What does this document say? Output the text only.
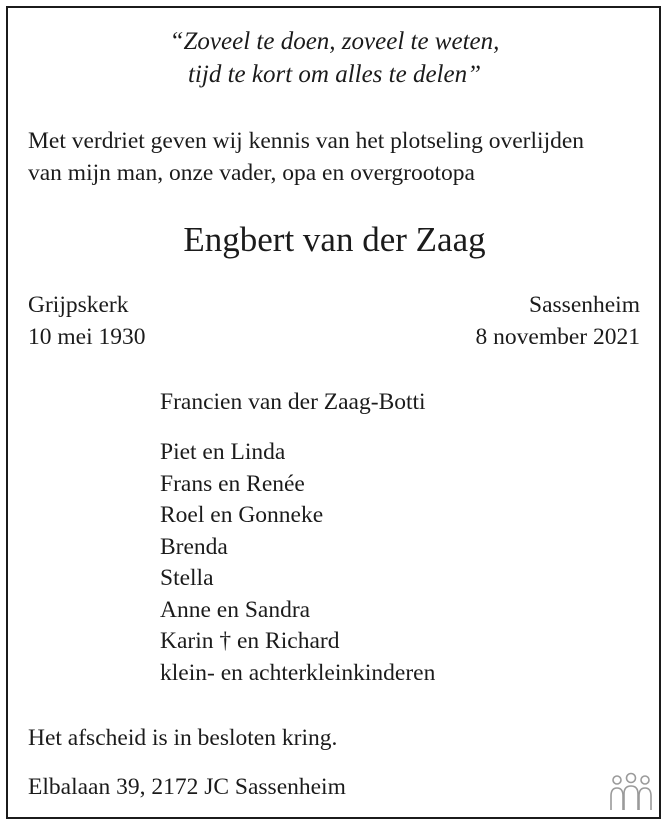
“Zoveel te doen, zoveel te weten,
tijd te kort om alles te delen”
Met verdriet geven wij kennis van het plotseling overlijden
van mijn man, onze vader, opa en overgrootopa
Engbert van der Zaag
Grijpskerk
10 mei 1930
Sassenheim
8 november 2021
Francien van der Zaag-Botti
Piet en Linda
Frans en Renée
Roel en Gonneke
Brenda
Stella
Anne en Sandra
Karin † en Richard
klein- en achterkleinkinderen
Het afscheid is in besloten kring.
Elbalaan 39, 2172 JC Sassenheim
